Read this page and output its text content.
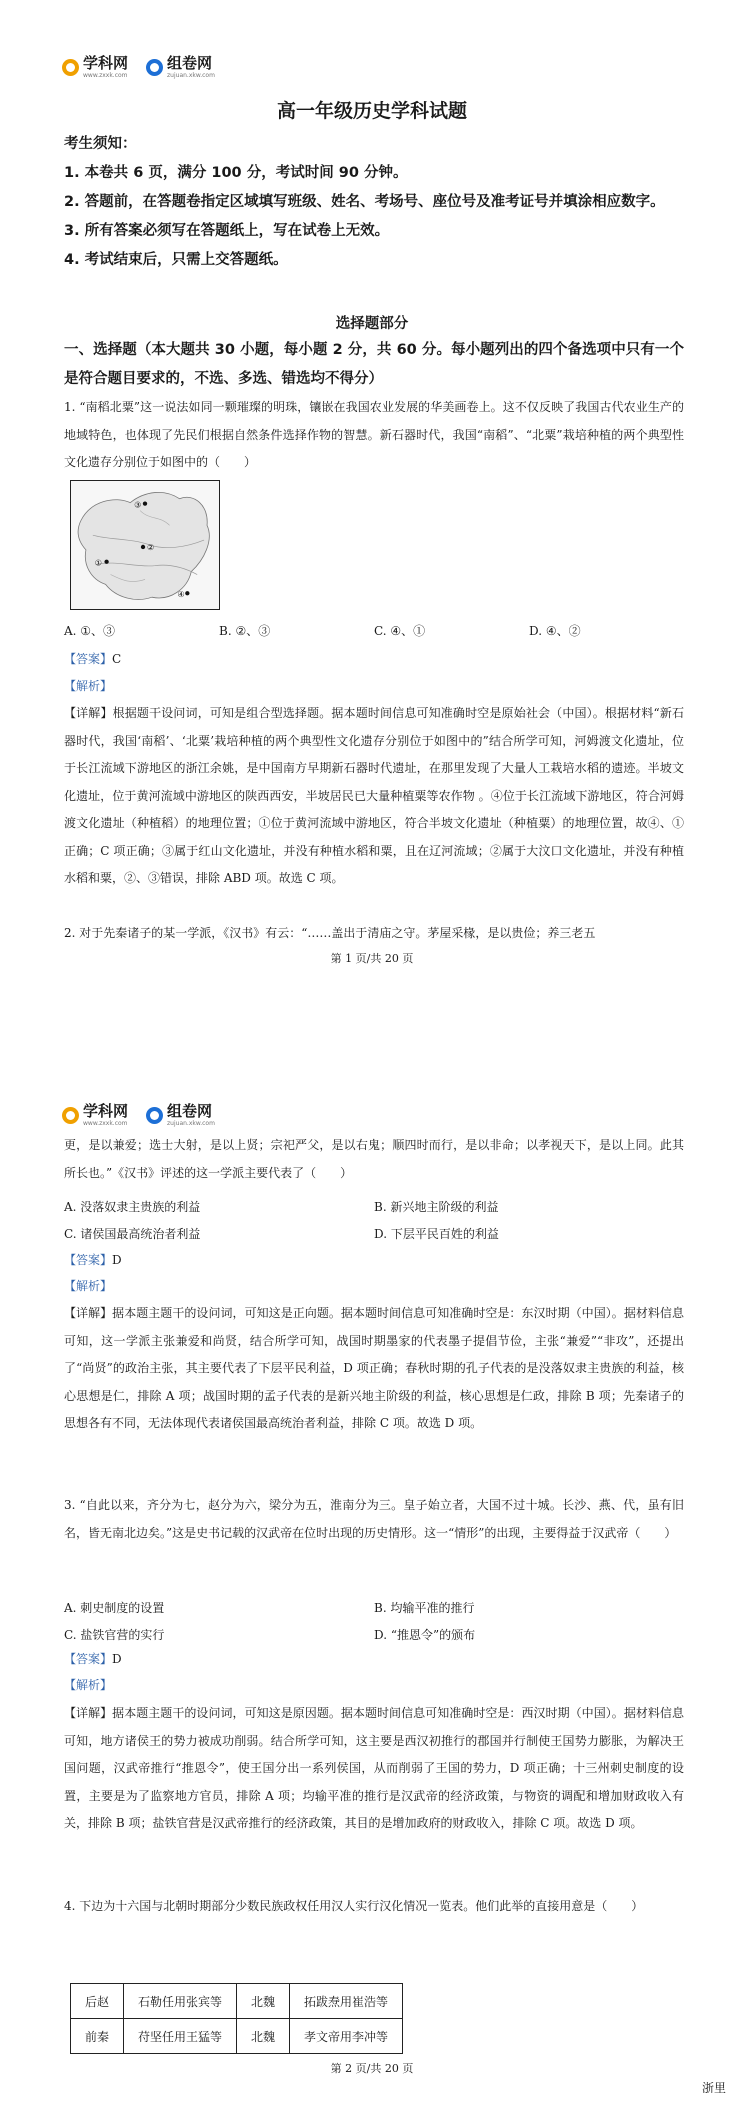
学科网
www.zxxk.com
组卷网
zujuan.xkw.com
高一年级历史学科试题
考生须知：
1. 本卷共 6 页，满分 100 分，考试时间 90 分钟。
2. 答题前，在答题卷指定区域填写班级、姓名、考场号、座位号及准考证号并填涂相应数字。
3. 所有答案必须写在答题纸上，写在试卷上无效。
4. 考试结束后，只需上交答题纸。
选择题部分
一、选择题（本大题共 30 小题，每小题 2 分，共 60 分。每小题列出的四个备选项中只有一个是符合题目要求的，不选、多选、错选均不得分）
1. “南稻北粟”这一说法如同一颗璀璨的明珠，镶嵌在我国农业发展的华美画卷上。这不仅反映了我国古代农业生产的地域特色，也体现了先民们根据自然条件选择作物的智慧。新石器时代，我国“南稻”、“北粟”栽培种植的两个典型性文化遗存分别位于如图中的（　　）
③
②
①
④
A. ①、③	B. ②、③	C. ④、①	D. ④、②
【答案】C
【解析】
【详解】根据题干设问词，可知是组合型选择题。据本题时间信息可知准确时空是原始社会（中国）。根据材料“新石器时代，我国‘南稻’、‘北粟’栽培种植的两个典型性文化遗存分别位于如图中的”结合所学可知，河姆渡文化遗址，位于长江流域下游地区的浙江余姚，是中国南方早期新石器时代遗址，在那里发现了大量人工栽培水稻的遗迹。半坡文化遗址，位于黄河流域中游地区的陕西西安，半坡居民已大量种植粟等农作物 。④位于长江流域下游地区，符合河姆渡文化遗址（种植稻）的地理位置；①位于黄河流域中游地区，符合半坡文化遗址（种植粟）的地理位置，故④、①正确；C 项正确；③属于红山文化遗址，并没有种植水稻和粟，且在辽河流域；②属于大汶口文化遗址，并没有种植水稻和粟，②、③错误，排除 ABD 项。故选 C 项。
2. 对于先秦诸子的某一学派，《汉书》有云：“……盖出于清庙之守。茅屋采椽，是以贵俭；养三老五
第 1 页/共 20 页
学科网
www.zxxk.com
组卷网
zujuan.xkw.com
更，是以兼爱；选士大射，是以上贤；宗祀严父，是以右鬼；顺四时而行，是以非命；以孝视天下，是以上同。此其所长也。”《汉书》评述的这一学派主要代表了（　　）
A. 没落奴隶主贵族的利益	B. 新兴地主阶级的利益
C. 诸侯国最高统治者利益	D. 下层平民百姓的利益
【答案】D
【解析】
【详解】据本题主题干的设问词，可知这是正向题。据本题时间信息可知准确时空是：东汉时期（中国）。据材料信息可知，这一学派主张兼爱和尚贤，结合所学可知，战国时期墨家的代表墨子提倡节俭，主张“兼爱”“非攻”，还提出了“尚贤”的政治主张，其主要代表了下层平民利益，D 项正确；春秋时期的孔子代表的是没落奴隶主贵族的利益，核心思想是仁，排除 A 项；战国时期的孟子代表的是新兴地主阶级的利益，核心思想是仁政，排除 B 项；先秦诸子的思想各有不同，无法体现代表诸侯国最高统治者利益，排除 C 项。故选 D 项。
3. “自此以来，齐分为七，赵分为六，梁分为五，淮南分为三。皇子始立者，大国不过十城。长沙、燕、代，虽有旧名，皆无南北边矣。”这是史书记载的汉武帝在位时出现的历史情形。这一“情形”的出现，主要得益于汉武帝（　　）
A. 刺史制度的设置	B. 均输平准的推行
C. 盐铁官营的实行	D. “推恩令”的颁布
【答案】D
【解析】
【详解】据本题主题干的设问词，可知这是原因题。据本题时间信息可知准确时空是：西汉时期（中国）。据材料信息可知，地方诸侯王的势力被成功削弱。结合所学可知，这主要是西汉初推行的郡国并行制使王国势力膨胀，为解决王国问题，汉武帝推行“推恩令”，使王国分出一系列侯国，从而削弱了王国的势力，D 项正确；十三州刺史制度的设置，主要是为了监察地方官员，排除 A 项；均输平准的推行是汉武帝的经济政策，与物资的调配和增加财政收入有关，排除 B 项；盐铁官营是汉武帝推行的经济政策，其目的是增加政府的财政收入，排除 C 项。故选 D 项。
4. 下边为十六国与北朝时期部分少数民族政权任用汉人实行汉化情况一览表。他们此举的直接用意是（　　）
后赵	石勒任用张宾等	北魏	拓跋焘用崔浩等
前秦	苻坚任用王猛等	北魏	孝文帝用李冲等
第 2 页/共 20 页
浙里
